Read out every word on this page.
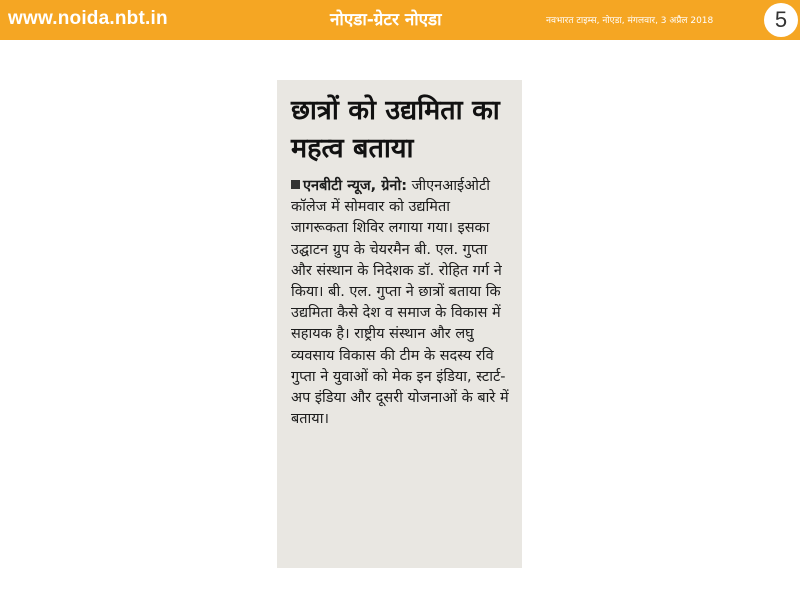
www.noida.nbt.in	नोएडा-ग्रेटर नोएडा	नवभारत टाइम्स, नोएडा, मंगलवार, 3 अप्रैल 2018	5
छात्रों को उद्यमिता का महत्व बताया

एनबीटी न्यूज, ग्रेनो: जीएनआईओटी कॉलेज में सोमवार को उद्यमिता जागरूकता शिविर लगाया गया। इसका उद्घाटन ग्रुप के चेयरमैन बी. एल. गुप्ता और संस्थान के निदेशक डॉ. रोहित गर्ग ने किया। बी. एल. गुप्ता ने छात्रों बताया कि उद्यमिता कैसे देश व समाज के विकास में सहायक है। राष्ट्रीय संस्थान और लघु व्यवसाय विकास की टीम के सदस्य रवि गुप्ता ने युवाओं को मेक इन इंडिया, स्टार्ट-अप इंडिया और दूसरी योजनाओं के बारे में बताया।
